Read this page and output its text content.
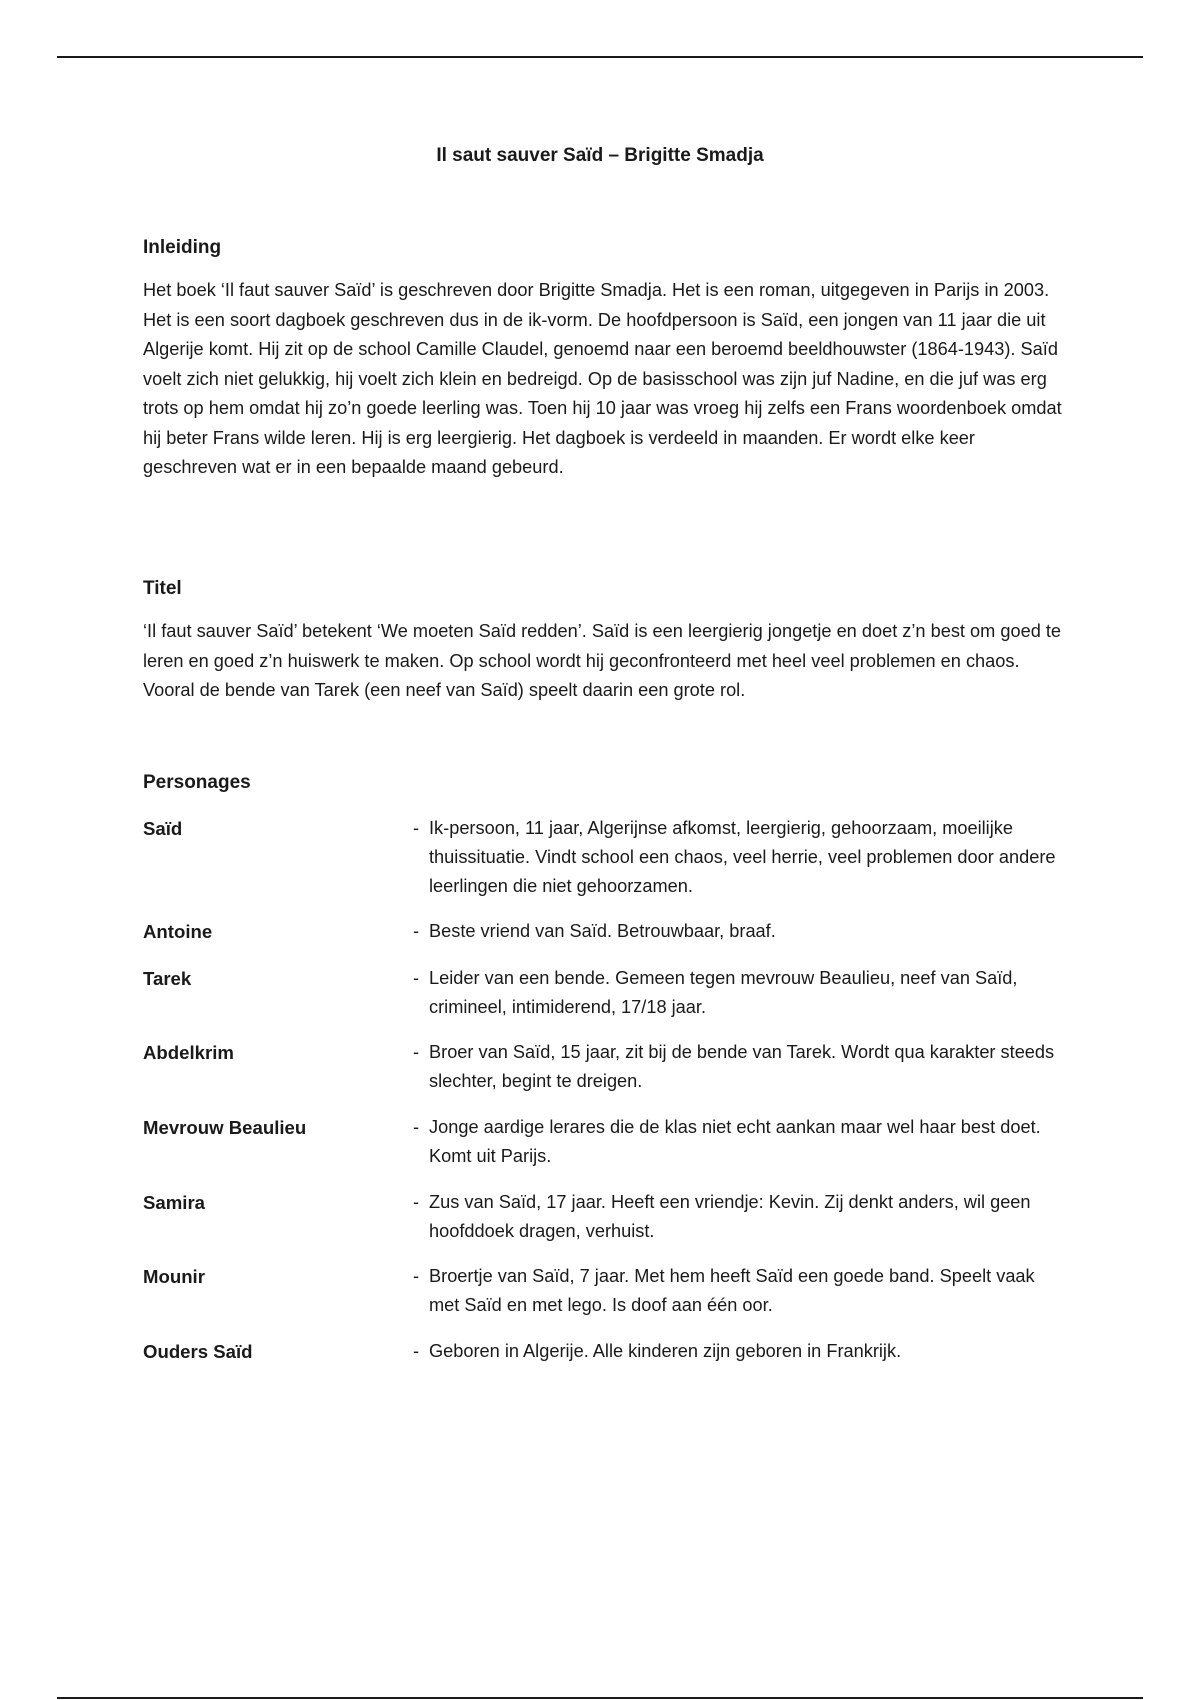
Il saut sauver Saïd – Brigitte Smadja
Inleiding

Het boek ‘Il faut sauver Saïd’ is geschreven door Brigitte Smadja. Het is een roman, uitgegeven in Parijs in 2003. Het is een soort dagboek geschreven dus in de ik-vorm. De hoofdpersoon is Saïd, een jongen van 11 jaar die uit Algerije komt. Hij zit op de school Camille Claudel, genoemd naar een beroemd beeldhouwster (1864-1943). Saïd voelt zich niet gelukkig, hij voelt zich klein en bedreigd. Op de basisschool was zijn juf Nadine, en die juf was erg trots op hem omdat hij zo’n goede leerling was. Toen hij 10 jaar was vroeg hij zelfs een Frans woordenboek omdat hij beter Frans wilde leren. Hij is erg leergierig. Het dagboek is verdeeld in maanden. Er wordt elke keer geschreven wat er in een bepaalde maand gebeurd.

Titel

‘Il faut sauver Saïd’ betekent ‘We moeten Saïd redden’. Saïd is een leergierig jongetje en doet z’n best om goed te leren en goed z’n huiswerk te maken. Op school wordt hij geconfronteerd met heel veel problemen en chaos. Vooral de bende van Tarek (een neef van Saïd) speelt daarin een grote rol.

Personages
Saïd	- Ik-persoon, 11 jaar, Algerijnse afkomst, leergierig, gehoorzaam, moeilijke thuissituatie. Vindt school een chaos, veel herrie, veel problemen door andere leerlingen die niet gehoorzamen.
Antoine	- Beste vriend van Saïd. Betrouwbaar, braaf.
Tarek	- Leider van een bende. Gemeen tegen mevrouw Beaulieu, neef van Saïd, crimineel, intimiderend, 17/18 jaar.
Abdelkrim	- Broer van Saïd, 15 jaar, zit bij de bende van Tarek. Wordt qua karakter steeds slechter, begint te dreigen.
Mevrouw Beaulieu	- Jonge aardige lerares die de klas niet echt aankan maar wel haar best doet. Komt uit Parijs.
Samira	- Zus van Saïd, 17 jaar. Heeft een vriendje: Kevin. Zij denkt anders, wil geen hoofddoek dragen, verhuist.
Mounir	- Broertje van Saïd, 7 jaar. Met hem heeft Saïd een goede band. Speelt vaak met Saïd en met lego. Is doof aan één oor.
Ouders Saïd	- Geboren in Algerije. Alle kinderen zijn geboren in Frankrijk.
